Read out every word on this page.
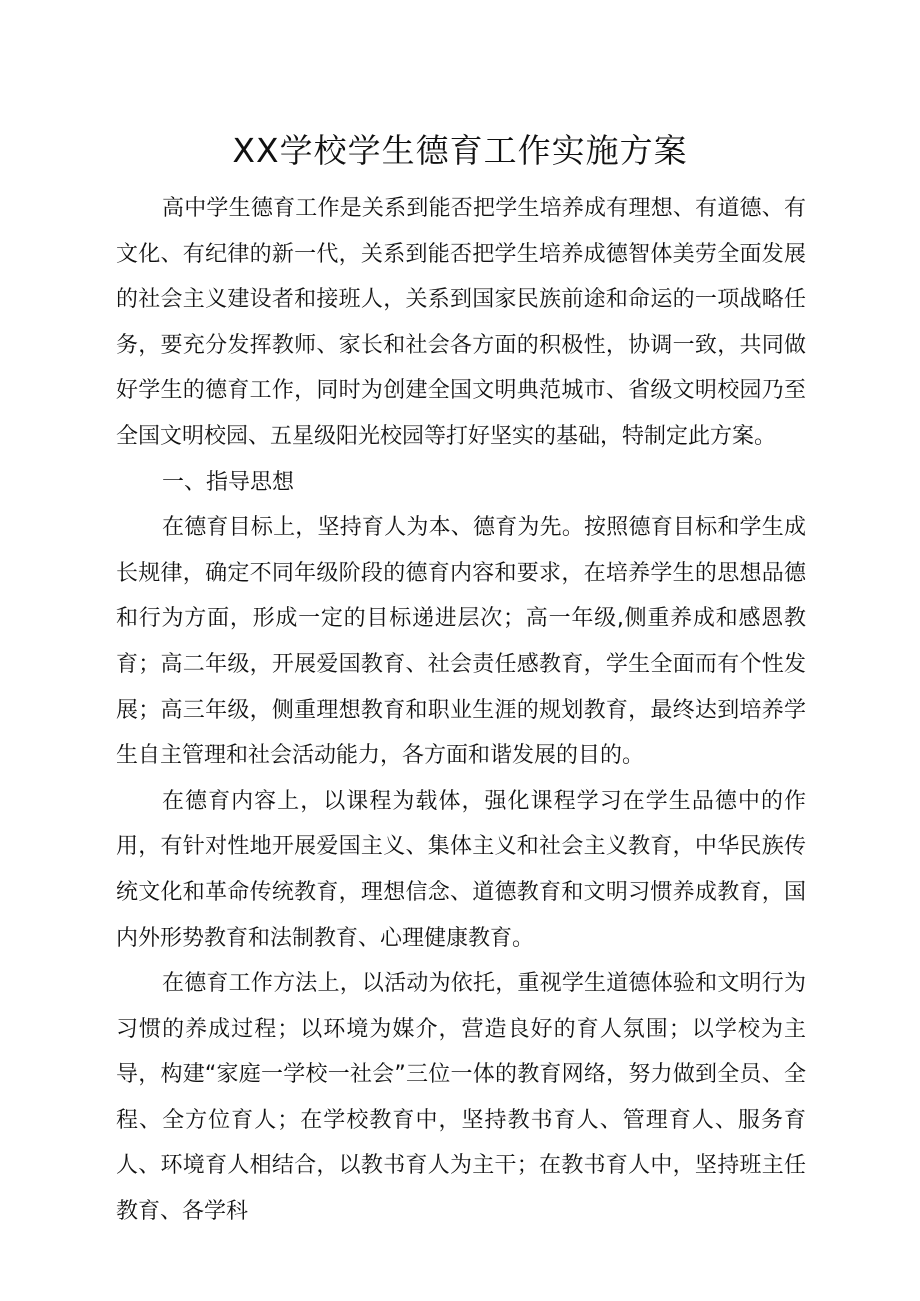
XX学校学生德育工作实施方案

高中学生德育工作是关系到能否把学生培养成有理想、有道德、有文化、有纪律的新一代，关系到能否把学生培养成德智体美劳全面发展的社会主义建设者和接班人，关系到国家民族前途和命运的一项战略任务，要充分发挥教师、家长和社会各方面的积极性，协调一致，共同做好学生的德育工作，同时为创建全国文明典范城市、省级文明校园乃至全国文明校园、五星级阳光校园等打好坚实的基础，特制定此方案。

一、指导思想

在德育目标上，坚持育人为本、德育为先。按照德育目标和学生成长规律，确定不同年级阶段的德育内容和要求，在培养学生的思想品德和行为方面，形成一定的目标递进层次；高一年级,侧重养成和感恩教育；高二年级，开展爱国教育、社会责任感教育，学生全面而有个性发展；高三年级，侧重理想教育和职业生涯的规划教育，最终达到培养学生自主管理和社会活动能力，各方面和谐发展的目的。

在德育内容上，以课程为载体，强化课程学习在学生品德中的作用，有针对性地开展爱国主义、集体主义和社会主义教育，中华民族传统文化和革命传统教育，理想信念、道德教育和文明习惯养成教育，国内外形势教育和法制教育、心理健康教育。

在德育工作方法上，以活动为依托，重视学生道德体验和文明行为习惯的养成过程；以环境为媒介，营造良好的育人氛围；以学校为主导，构建“家庭一学校一社会”三位一体的教育网络，努力做到全员、全程、全方位育人；在学校教育中，坚持教书育人、管理育人、服务育人、环境育人相结合，以教书育人为主干；在教书育人中，坚持班主任教育、各学科
